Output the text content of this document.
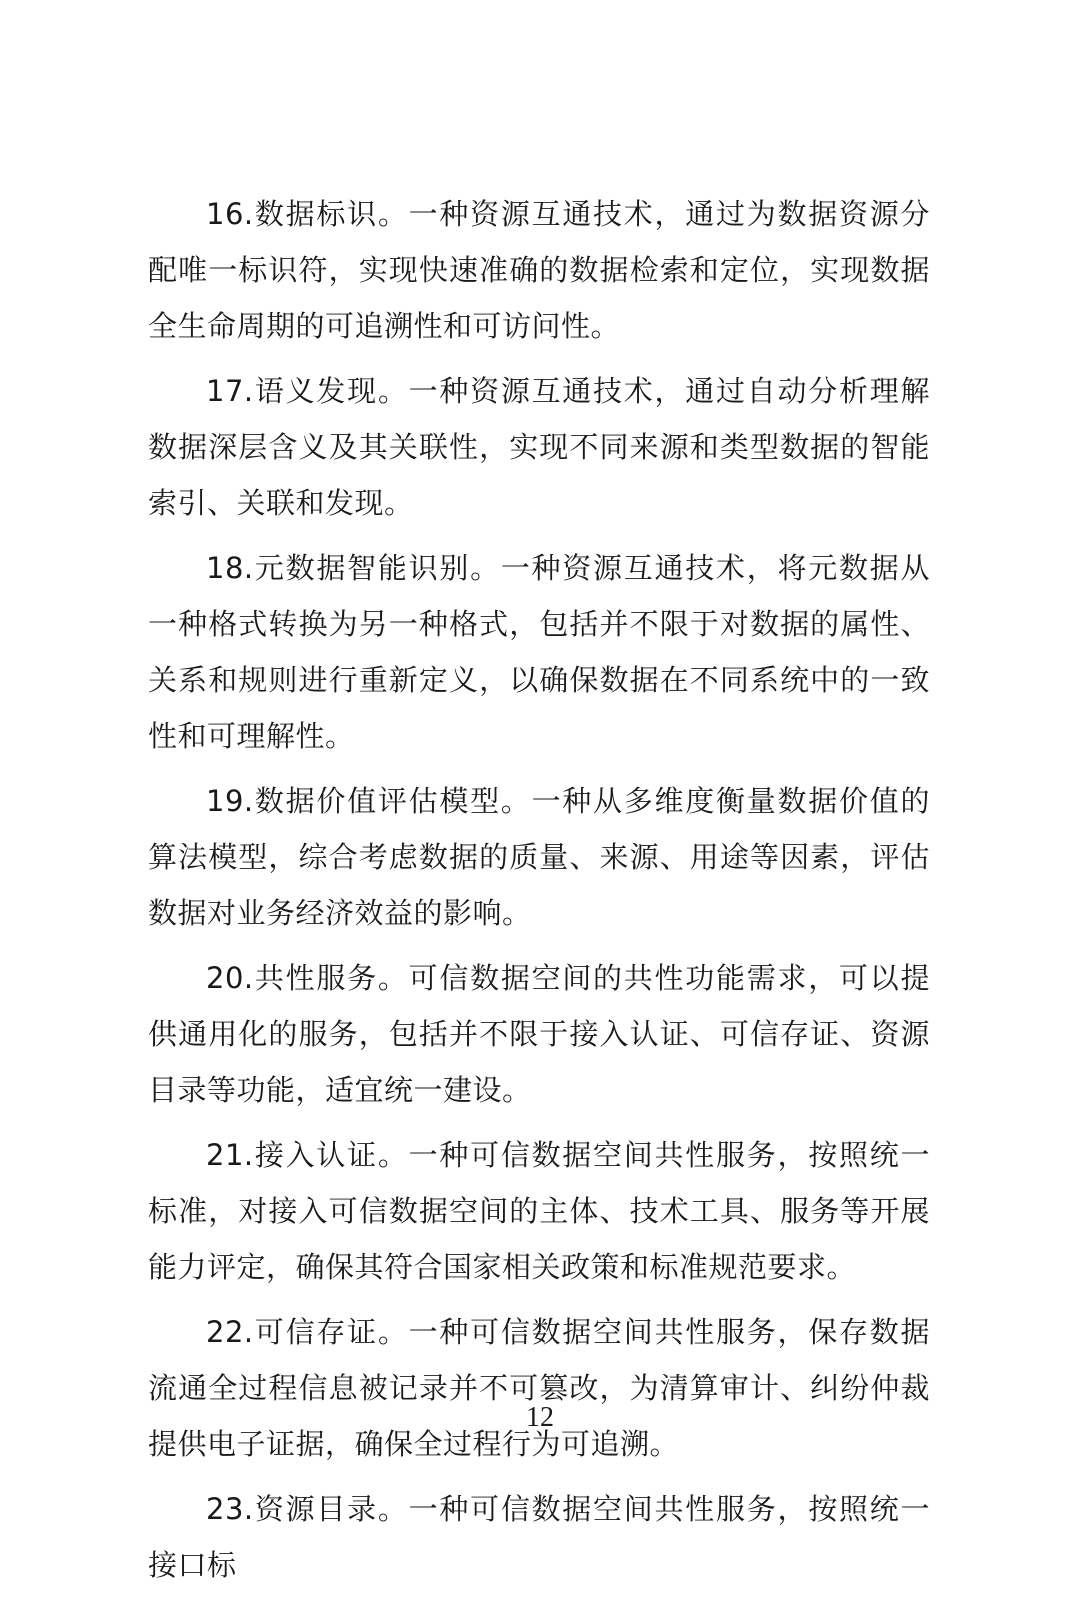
16.数据标识。一种资源互通技术，通过为数据资源分配唯一标识符，实现快速准确的数据检索和定位，实现数据全生命周期的可追溯性和可访问性。

17.语义发现。一种资源互通技术，通过自动分析理解数据深层含义及其关联性，实现不同来源和类型数据的智能索引、关联和发现。

18.元数据智能识别。一种资源互通技术，将元数据从一种格式转换为另一种格式，包括并不限于对数据的属性、关系和规则进行重新定义，以确保数据在不同系统中的一致性和可理解性。

19.数据价值评估模型。一种从多维度衡量数据价值的算法模型，综合考虑数据的质量、来源、用途等因素，评估数据对业务经济效益的影响。

20.共性服务。可信数据空间的共性功能需求，可以提供通用化的服务，包括并不限于接入认证、可信存证、资源目录等功能，适宜统一建设。

21.接入认证。一种可信数据空间共性服务，按照统一标准，对接入可信数据空间的主体、技术工具、服务等开展能力评定，确保其符合国家相关政策和标准规范要求。

22.可信存证。一种可信数据空间共性服务，保存数据流通全过程信息被记录并不可篡改，为清算审计、纠纷仲裁提供电子证据，确保全过程行为可追溯。

23.资源目录。一种可信数据空间共性服务，按照统一接口标

12
